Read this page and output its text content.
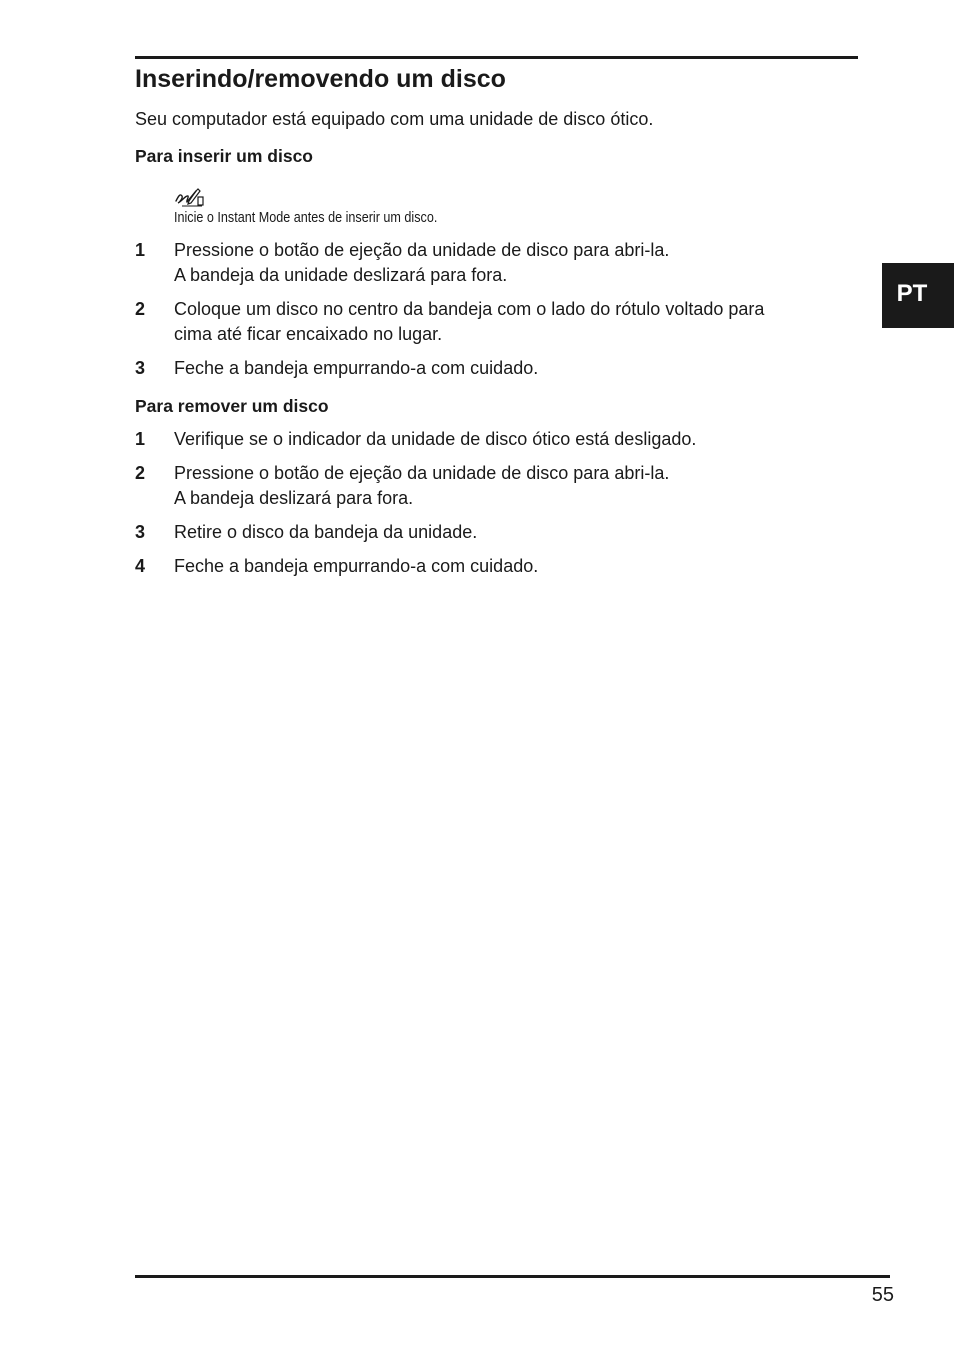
Inserindo/removendo um disco
Seu computador está equipado com uma unidade de disco ótico.
Para inserir um disco
Inicie o Instant Mode antes de inserir um disco.
1 Pressione o botão de ejeção da unidade de disco para abri-la.
A bandeja da unidade deslizará para fora.
2 Coloque um disco no centro da bandeja com o lado do rótulo voltado para
cima até ficar encaixado no lugar.
3 Feche a bandeja empurrando-a com cuidado.
Para remover um disco
1 Verifique se o indicador da unidade de disco ótico está desligado.
2 Pressione o botão de ejeção da unidade de disco para abri-la.
A bandeja deslizará para fora.
3 Retire o disco da bandeja da unidade.
4 Feche a bandeja empurrando-a com cuidado.
PT
55
